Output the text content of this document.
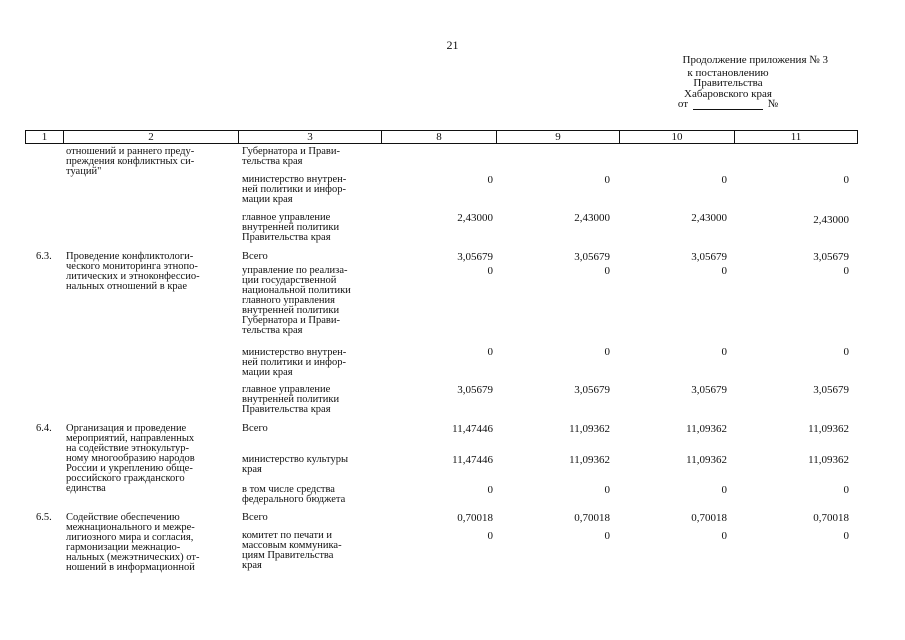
21
Продолжение приложения № 3
к постановлению
Правительства
Хабаровского края
от	№
1	2	3	8	9	10	11
отношений и раннего преду-
преждения конфликтных си-
туаций"
Губернатора и Прави-
тельства края
министерство внутрен-
ней политики и инфор-
мации края
0	0	0	0
главное управление
внутренней политики
Правительства края
2,43000	2,43000	2,43000	2,43000
6.3. Проведение конфликтологи-
ческого мониторинга этнопо-
литических и этноконфессио-
нальных отношений в крае
Всего	3,05679	3,05679	3,05679	3,05679
управление по реализа-
ции государственной
национальной политики
главного управления
внутренней политики
Губернатора и Прави-
тельства края
0	0	0	0
министерство внутрен-
ней политики и инфор-
мации края
0	0	0	0
главное управление
внутренней политики
Правительства края
3,05679	3,05679	3,05679	3,05679
6.4. Организация и проведение
мероприятий, направленных
на содействие этнокультур-
ному многообразию народов
России и укреплению обще-
российского гражданского
единства
Всего	11,47446	11,09362	11,09362	11,09362
министерство культуры
края
11,47446	11,09362	11,09362	11,09362
в том числе средства
федерального бюджета
0	0	0	0
6.5. Содействие обеспечению
межнационального и межре-
лигиозного мира и согласия,
гармонизации межнацио-
нальных (межэтнических) от-
ношений в информационной
Всего	0,70018	0,70018	0,70018	0,70018
комитет по печати и
массовым коммуника-
циям Правительства
края
0	0	0	0
